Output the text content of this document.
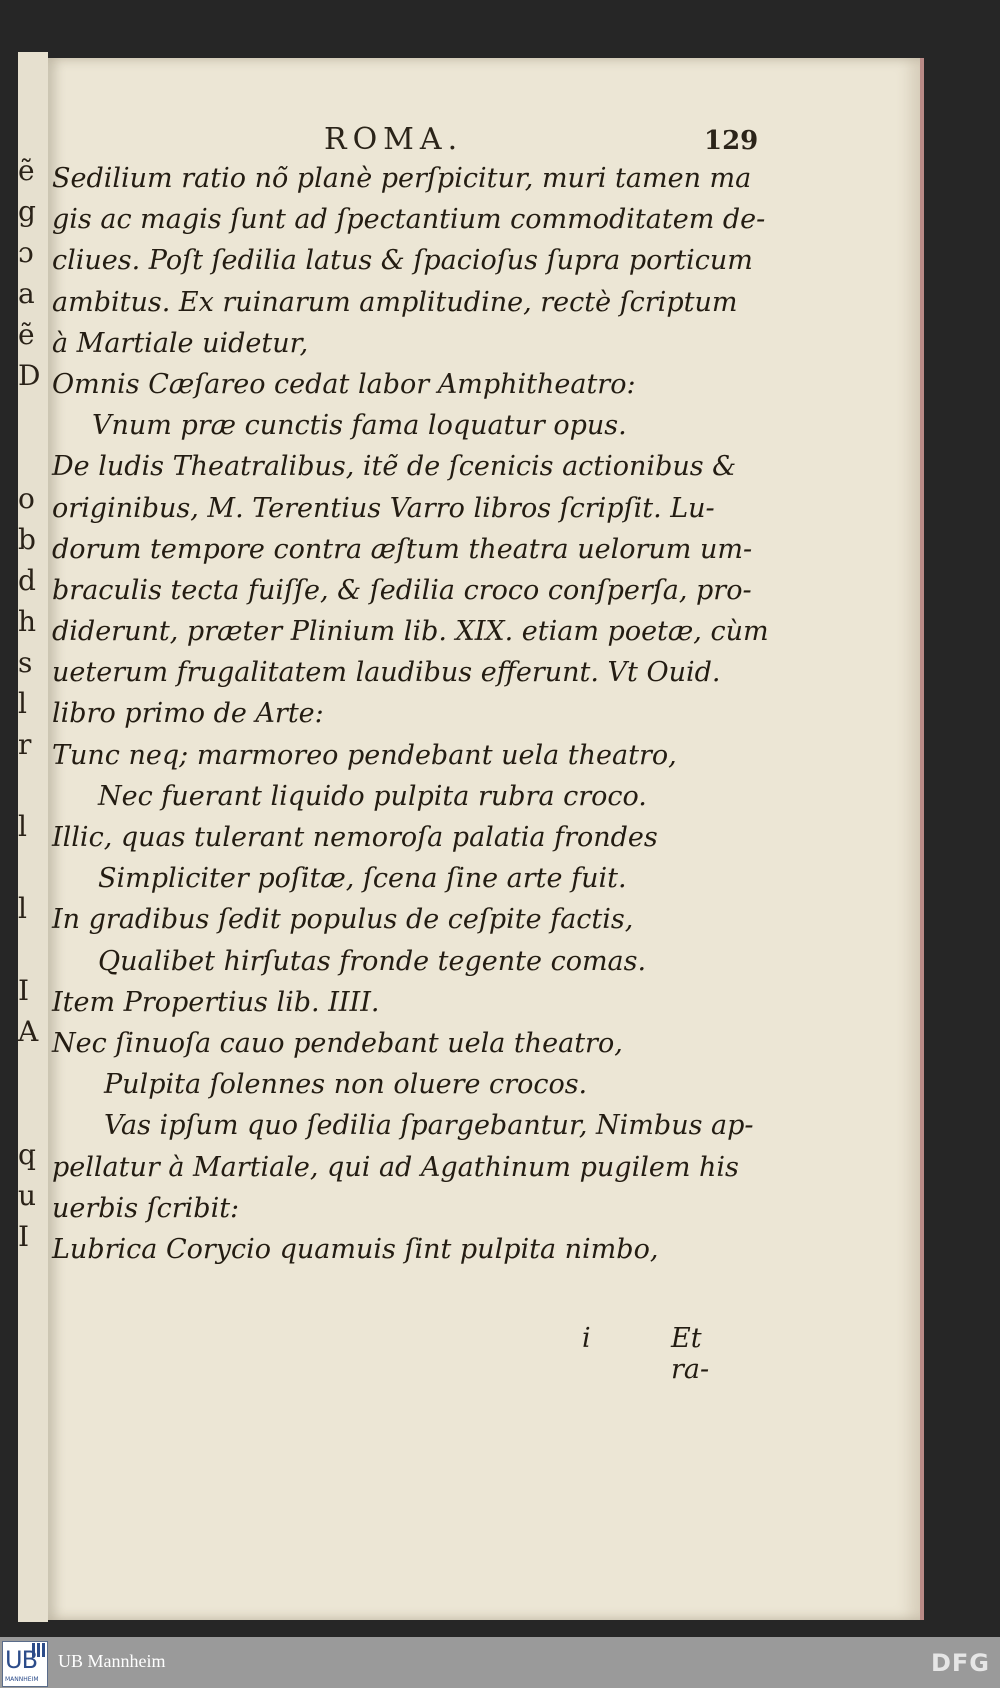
ẽ
g
ɔ
a
ẽ
D
o
b
d
h
s
l
r
l
l
I
A
q
u
I
ROMA.	129
Sedilium ratio nõ planè perſpicitur, muri tamen ma
gis ac magis ſunt ad ſpectantium commoditatem de-
cliues. Poſt ſedilia latus & ſpacioſus ſupra porticum
ambitus. Ex ruinarum amplitudine, rectè ſcriptum
à Martiale uidetur,
Omnis Cæſareo cedat labor Amphitheatro:
Vnum præ cunctis fama loquatur opus.
De ludis Theatralibus, itẽ de ſcenicis actionibus &
originibus, M. Terentius Varro libros ſcripſit. Lu-
dorum tempore contra æſtum theatra uelorum um-
braculis tecta fuiſſe, & ſedilia croco conſperſa, pro-
diderunt, præter Plinium lib. XIX. etiam poetæ, cùm
ueterum frugalitatem laudibus efferunt. Vt Ouid.
libro primo de Arte:
Tunc neq; marmoreo pendebant uela theatro,
Nec fuerant liquido pulpita rubra croco.
Illic, quas tulerant nemoroſa palatia frondes
Simpliciter poſitæ, ſcena ſine arte fuit.
In gradibus ſedit populus de ceſpite factis,
Qualibet hirſutas fronde tegente comas.
Item Propertius lib. IIII.
Nec ſinuoſa cauo pendebant uela theatro,
Pulpita ſolennes non oluere crocos.
Vas ipſum quo ſedilia ſpargebantur, Nimbus ap-
pellatur à Martiale, qui ad Agathinum pugilem his
uerbis ſcribit:
Lubrica Corycio quamuis ſint pulpita nimbo,
i	Et ra-
UB
MANNHEIM
UB Mannheim	DFG
